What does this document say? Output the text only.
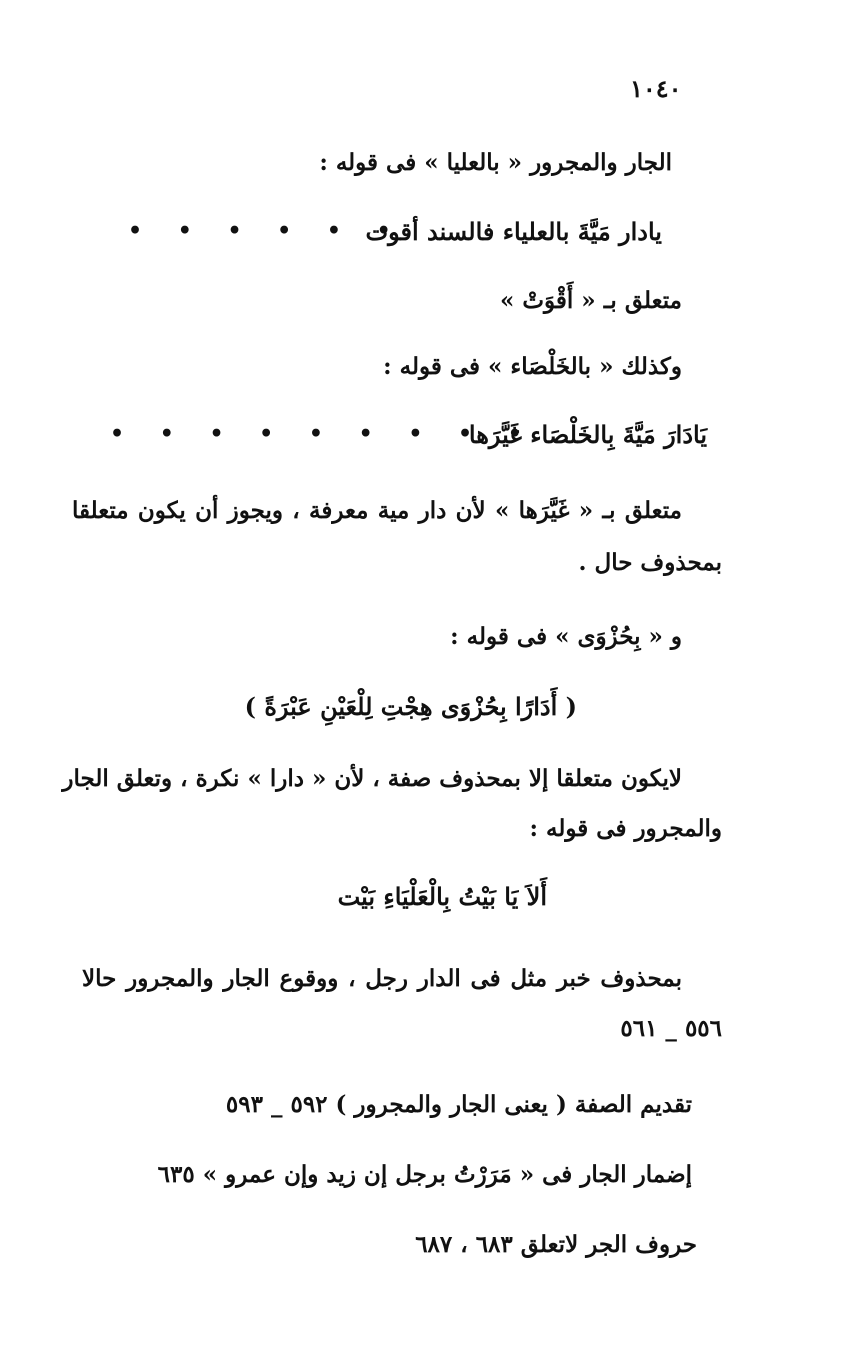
١٠٤٠
الجار والمجرور « بالعليا » فى قوله :
يادار مَيَّةَ بالعلياء فالسند أقوت
• • • • • •
متعلق بـ « أَقْوَتْ »
وكذلك « بالخَلْصَاء » فى قوله :
يَادَارَ مَيَّةَ بِالخَلْصَاء غَيَّرَها
• • • • • • • • •
متعلق بـ « غَيَّرَها » لأن دار مية معرفة ، ويجوز أن يكون متعلقا
بمحذوف حال .
و « بِحُزْوَى » فى قوله :
( أَدَارًا بِحُزْوَى هِجْتِ لِلْعَيْنِ عَبْرَةً )
لايكون متعلقا إلا بمحذوف صفة ، لأن « دارا » نكرة ، وتعلق الجار
والمجرور فى قوله :
أَلاَ يَا بَيْتُ بِالْعَلْيَاءِ بَيْت
بمحذوف خبر مثل فى الدار رجل ، ووقوع الجار والمجرور حالا
٥٥٦ _ ٥٦١
تقديم الصفة ( يعنى الجار والمجرور ) ٥٩٢ _ ٥٩٣
إضمار الجار فى « مَرَرْتُ برجل إن زيد وإن عمرو » ٦٣٥
حروف الجر لاتعلق ٦٨٣ ، ٦٨٧
